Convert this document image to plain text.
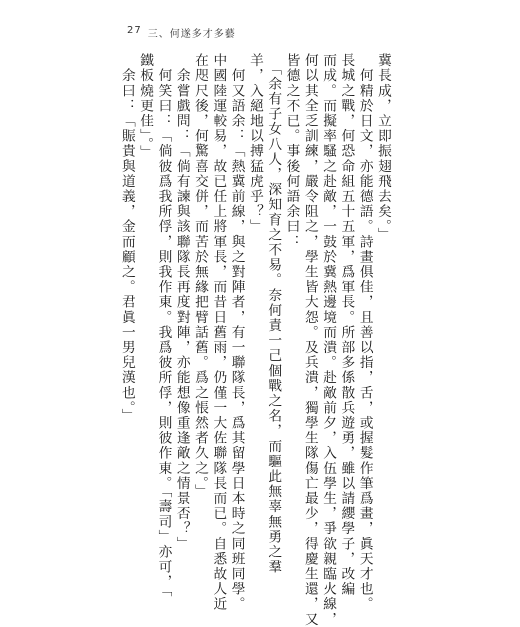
27 三、何遂多才多藝
冀長成，立即振翅飛去矣。」
　何精於日文，亦能德語。詩畫俱佳，且善以指，舌，或握髮作筆爲畫，眞天才也。
長城之戰，何恐命組五十五軍，爲軍長。所部多係散兵遊勇，雖以請纓學子，改編
而成。而擬率騷之赴敵，一鼓於冀熱邊境而潰。赴敵前夕，入伍學生，爭欲親臨火線，
何以其全乏訓練，嚴令阻之，學生皆大怨。及兵潰，獨學生隊傷亡最少，得慶生還，又
皆德之不已。事後何語余曰：
　「余有子女八人，深知育之不易。奈何責一己個戰之名，而驅此無辜無勇之羣
羊，入絕地以搏猛虎乎？」
　何又語余：「熱冀前線，與之對陣者，有一聯隊長，爲其留學日本時之同班同學。
中國陸運較易，故已任上將軍長，而昔日舊雨，仍僅一大佐聯隊長而已。自悉故人近
在咫尺後，何驚喜交併，而苦於無緣把臂話舊。爲之悵然者久之。」
　余嘗戲問：「倘有諫與該聯隊長再度對陣，亦能想像重逢敵之情景否？」
　何笑曰：「倘彼爲我所俘，則我作東。我爲彼所俘，則彼作東。「壽司」亦可，「
鐵板燒更佳」。」
　余曰：「賑貴與道義，金而顧之。君眞一男兒漢也。」
